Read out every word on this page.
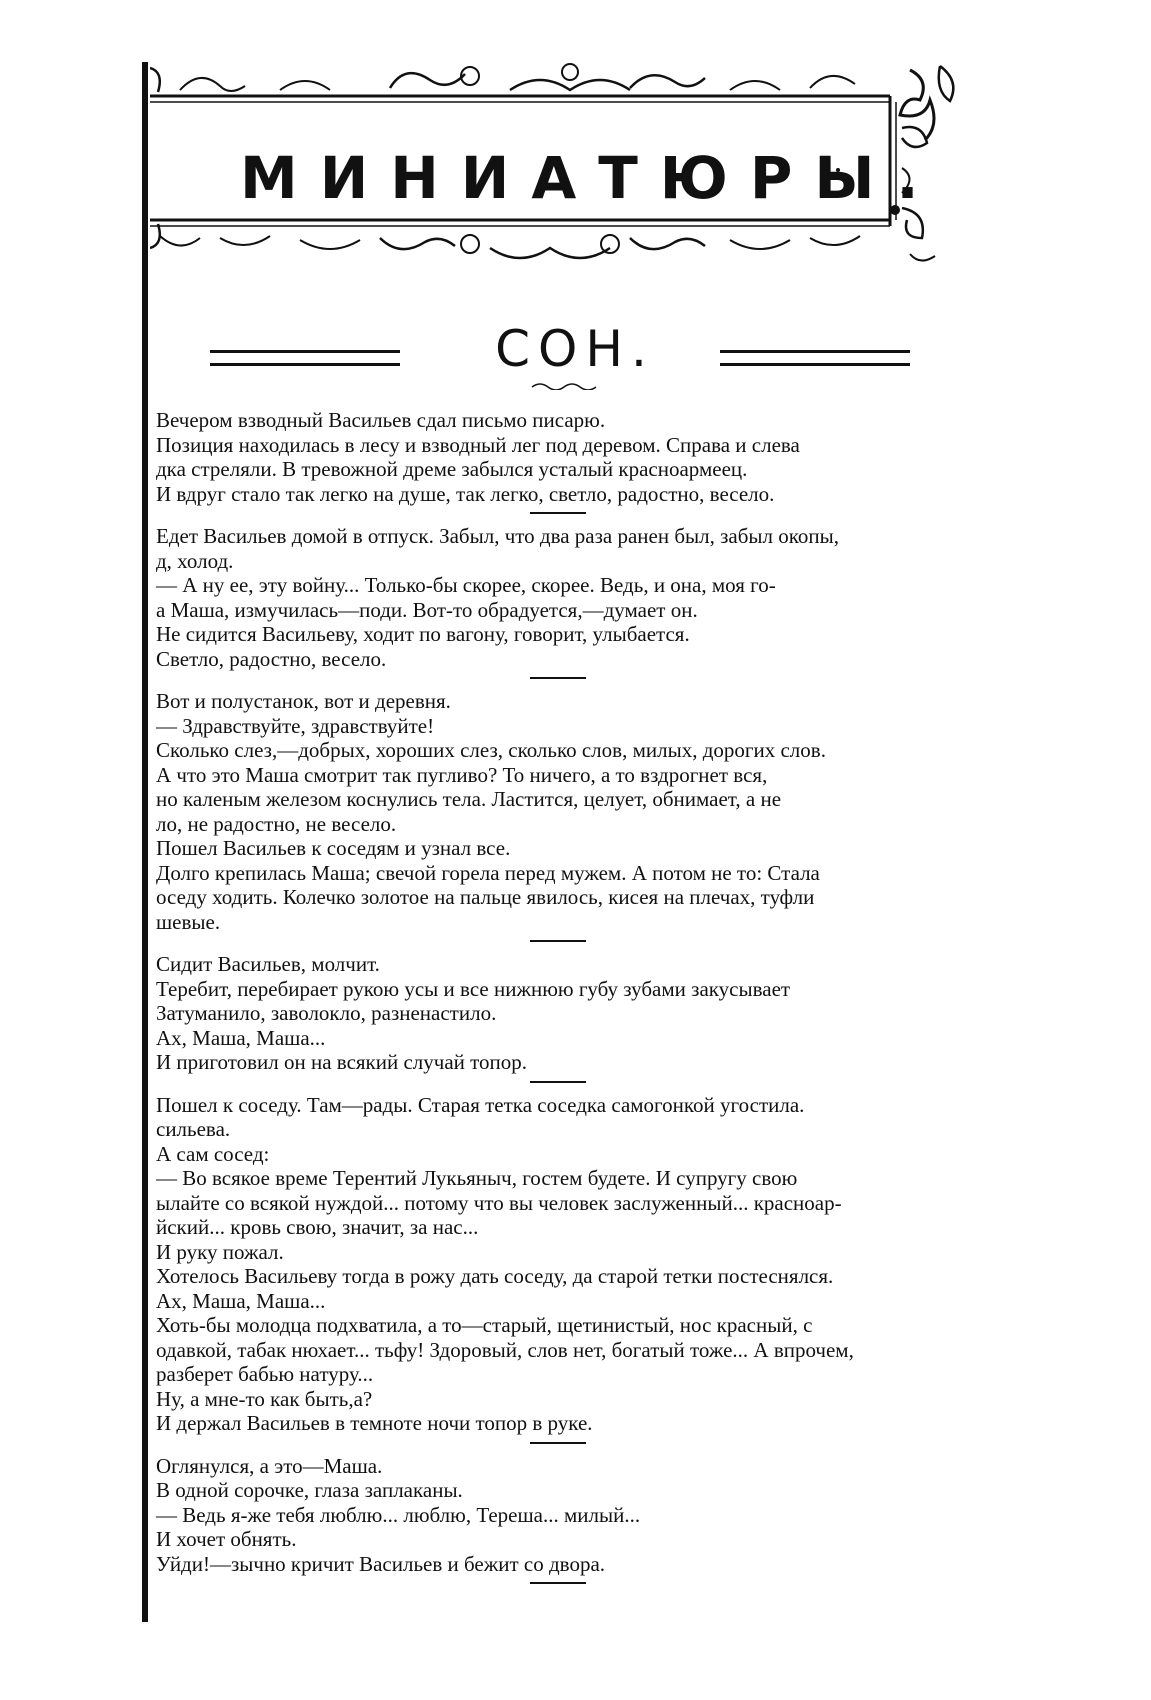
МИНИАТЮРЫ.
СОН.
Вечером взводный Васильев сдал письмо писарю.
Позиция находилась в лесу и взводный лег под деревом. Справа и слева
дка стреляли. В тревожной дреме забылся усталый красноармеец.
И вдруг стало так легко на душе, так легко, светло, радостно, весело.
Едет Васильев домой в отпуск. Забыл, что два раза ранен был, забыл окопы,
д, холод.
— А ну ее, эту войну... Только-бы скорее, скорее. Ведь, и она, моя го-
а Маша, измучилась—поди. Вот-то обрадуется,—думает он.
Не сидится Васильеву, ходит по вагону, говорит, улыбается.
Светло, радостно, весело.
Вот и полустанок, вот и деревня.
— Здравствуйте, здравствуйте!
Сколько слез,—добрых, хороших слез, сколько слов, милых, дорогих слов.
А что это Маша смотрит так пугливо? То ничего, а то вздрогнет вся,
но каленым железом коснулись тела. Ластится, целует, обнимает, а не
ло, не радостно, не весело.
Пошел Васильев к соседям и узнал все.
Долго крепилась Маша; свечой горела перед мужем. А потом не то: Стала
оседу ходить. Колечко золотое на пальце явилось, кисея на плечах, туфли
шевые.
Сидит Васильев, молчит.
Теребит, перебирает рукою усы и все нижнюю губу зубами закусывает
Затуманило, заволокло, разненастило.
Ах, Маша, Маша...
И приготовил он на всякий случай топор.
Пошел к соседу. Там—рады. Старая тетка соседка самогонкой угостила.
сильева.
А сам сосед:
— Во всякое време Терентий Лукьяныч, гостем будете. И супругу свою
ылайте со всякой нуждой... потому что вы человек заслуженный... красноар-
йский... кровь свою, значит, за нас...
И руку пожал.
Хотелось Васильеву тогда в рожу дать соседу, да старой тетки постеснялся.
Ах, Маша, Маша...
Хоть-бы молодца подхватила, а то—старый, щетинистый, нос красный, с
одавкой, табак нюхает... тьфу! Здоровый, слов нет, богатый тоже... А впрочем,
разберет бабью натуру...
Ну, а мне-то как быть,а?
И держал Васильев в темноте ночи топор в руке.
Оглянулся, а это—Маша.
В одной сорочке, глаза заплаканы.
— Ведь я-же тебя люблю... люблю, Тереша... милый...
И хочет обнять.
Уйди!—зычно кричит Васильев и бежит со двора.
